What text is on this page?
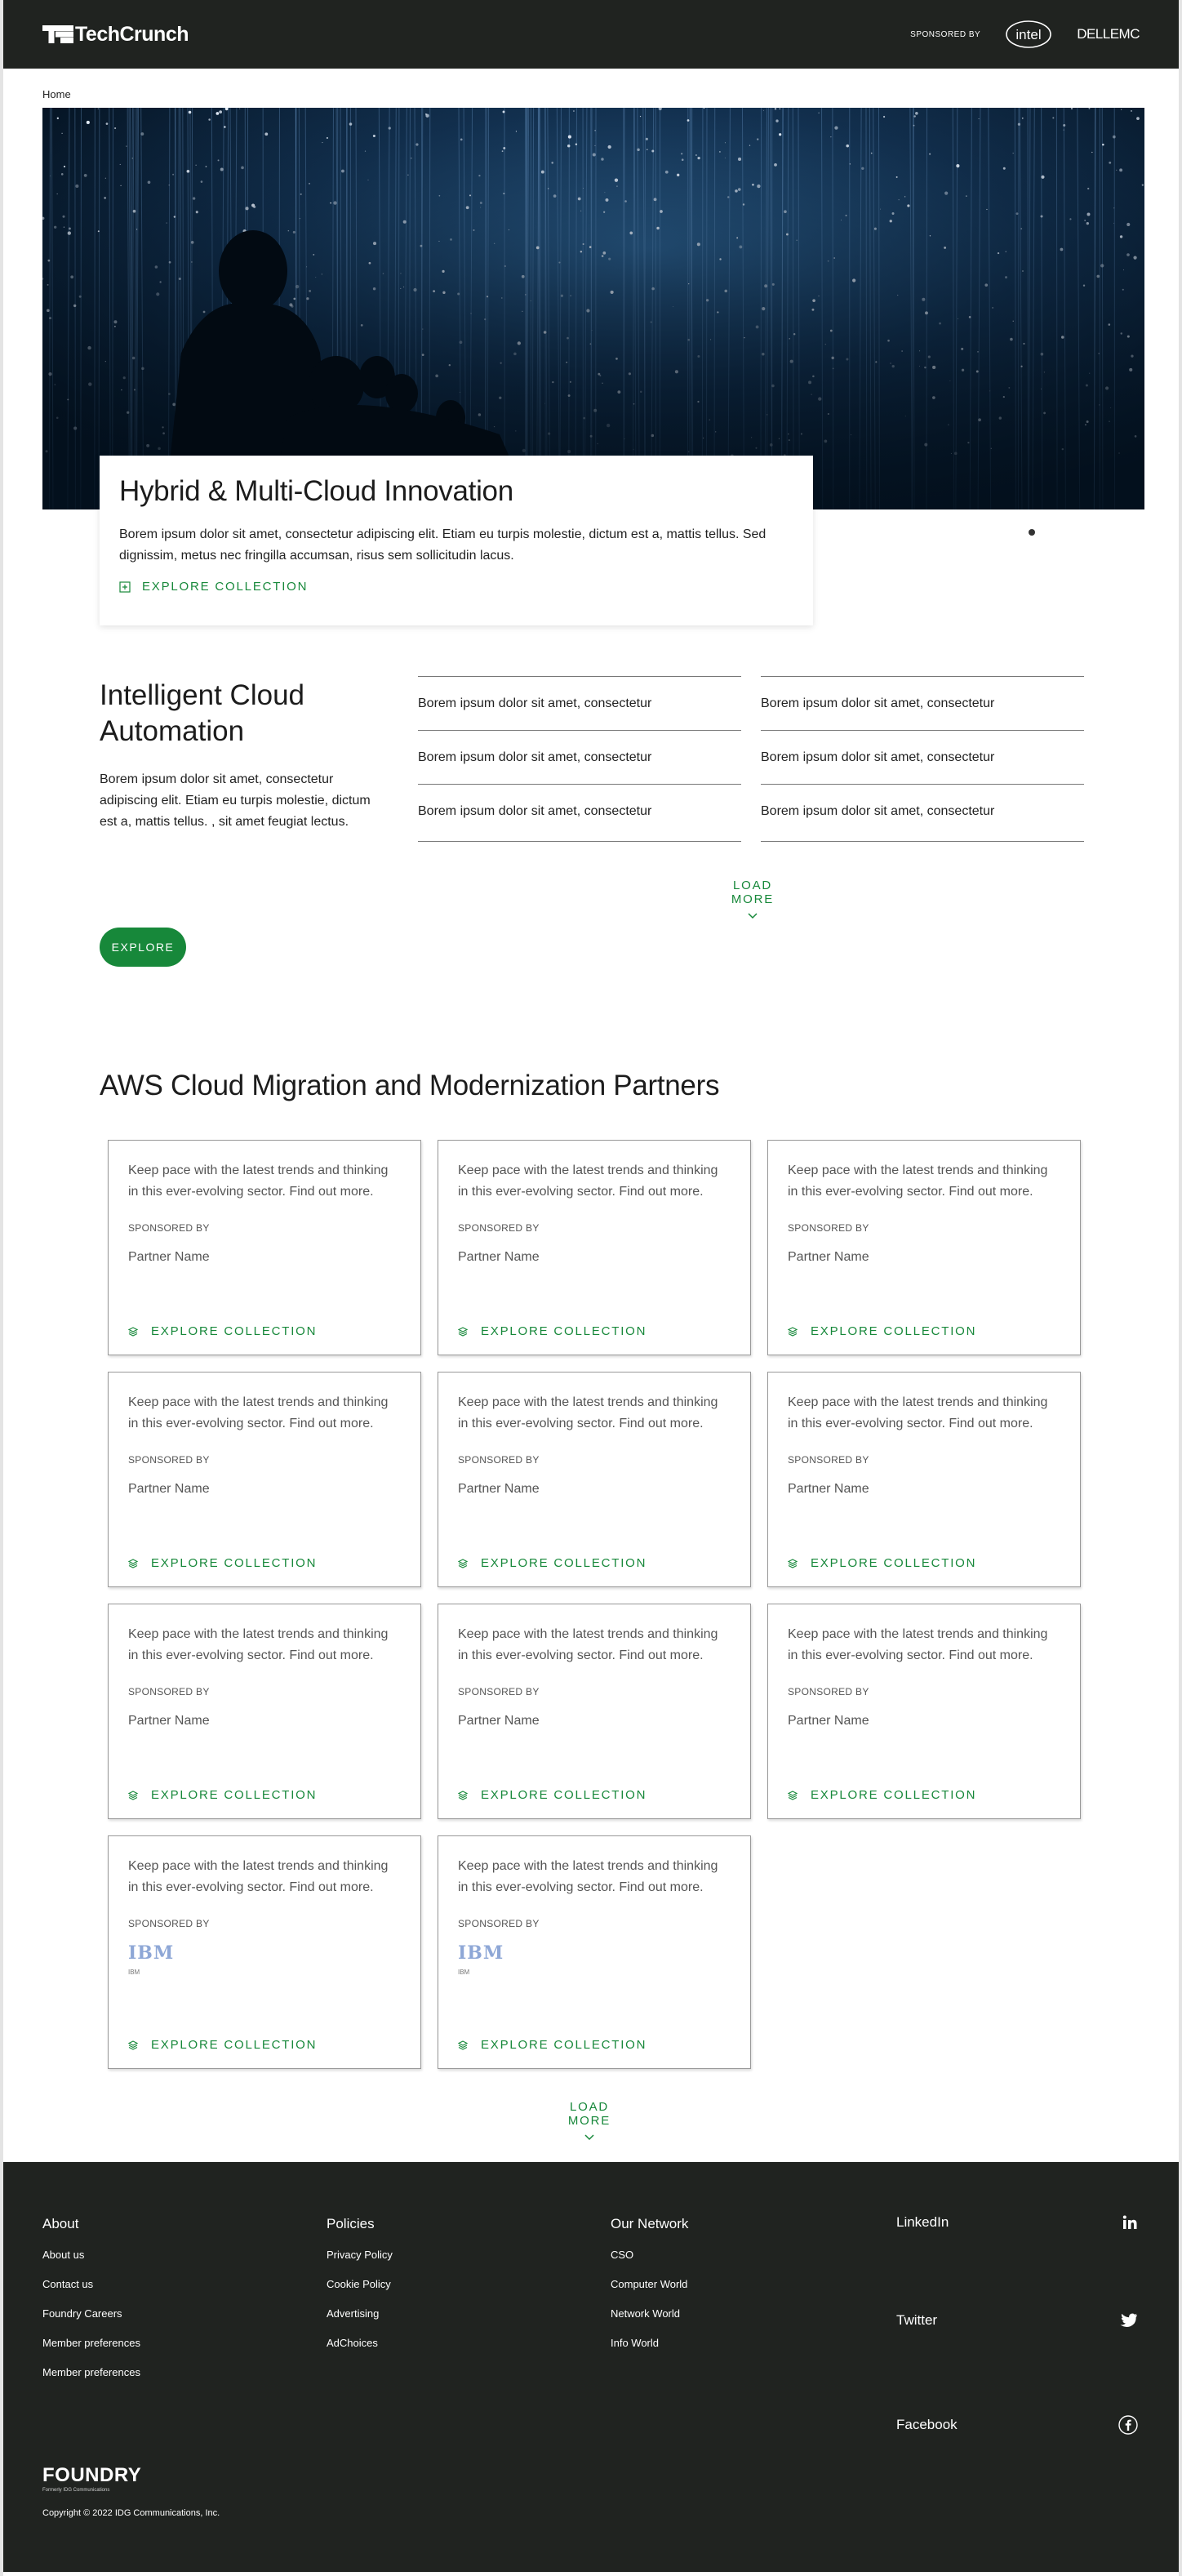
TechCrunch	SPONSORED BY	intel	DELLEMC
Home
Hybrid & Multi-Cloud Innovation

Borem ipsum dolor sit amet, consectetur adipiscing elit. Etiam eu turpis molestie, dictum est a, mattis tellus. Sed dignissim, metus nec fringilla accumsan, risus sem sollicitudin lacus.

EXPLORE COLLECTION
Intelligent Cloud Automation

Borem ipsum dolor sit amet, consectetur adipiscing elit. Etiam eu turpis molestie, dictum est a, mattis tellus. , sit amet feugiat lectus.

Borem ipsum dolor sit amet, consectetur	Borem ipsum dolor sit amet, consectetur
Borem ipsum dolor sit amet, consectetur	Borem ipsum dolor sit amet, consectetur
Borem ipsum dolor sit amet, consectetur	Borem ipsum dolor sit amet, consectetur
LOAD MORE
EXPLORE
AWS Cloud Migration and Modernization Partners

Keep pace with the latest trends and thinking in this ever-evolving sector. Find out more.

SPONSORED BY
Partner Name
EXPLORE COLLECTION

Keep pace with the latest trends and thinking in this ever-evolving sector. Find out more.

SPONSORED BY
Partner Name
EXPLORE COLLECTION

Keep pace with the latest trends and thinking in this ever-evolving sector. Find out more.

SPONSORED BY
Partner Name
EXPLORE COLLECTION

Keep pace with the latest trends and thinking in this ever-evolving sector. Find out more.

SPONSORED BY
Partner Name
EXPLORE COLLECTION

Keep pace with the latest trends and thinking in this ever-evolving sector. Find out more.

SPONSORED BY
Partner Name
EXPLORE COLLECTION

Keep pace with the latest trends and thinking in this ever-evolving sector. Find out more.

SPONSORED BY
Partner Name
EXPLORE COLLECTION

Keep pace with the latest trends and thinking in this ever-evolving sector. Find out more.

SPONSORED BY
Partner Name
EXPLORE COLLECTION

Keep pace with the latest trends and thinking in this ever-evolving sector. Find out more.

SPONSORED BY
Partner Name
EXPLORE COLLECTION

Keep pace with the latest trends and thinking in this ever-evolving sector. Find out more.

SPONSORED BY
Partner Name
EXPLORE COLLECTION

Keep pace with the latest trends and thinking in this ever-evolving sector. Find out more.

SPONSORED BY
IBM
IBM
EXPLORE COLLECTION

Keep pace with the latest trends and thinking in this ever-evolving sector. Find out more.

SPONSORED BY
IBM
IBM
EXPLORE COLLECTION
LOAD MORE
About
About us
Contact us
Foundry Careers
Member preferences
Member preferences
Policies
Privacy Policy
Cookie Policy
Advertising
AdChoices
Our Network
CSO
Computer World
Network World
Info World
LinkedIn
Twitter
Facebook
FOUNDRY
Formerly IDG Communications
Copyright © 2022 IDG Communications, Inc.
